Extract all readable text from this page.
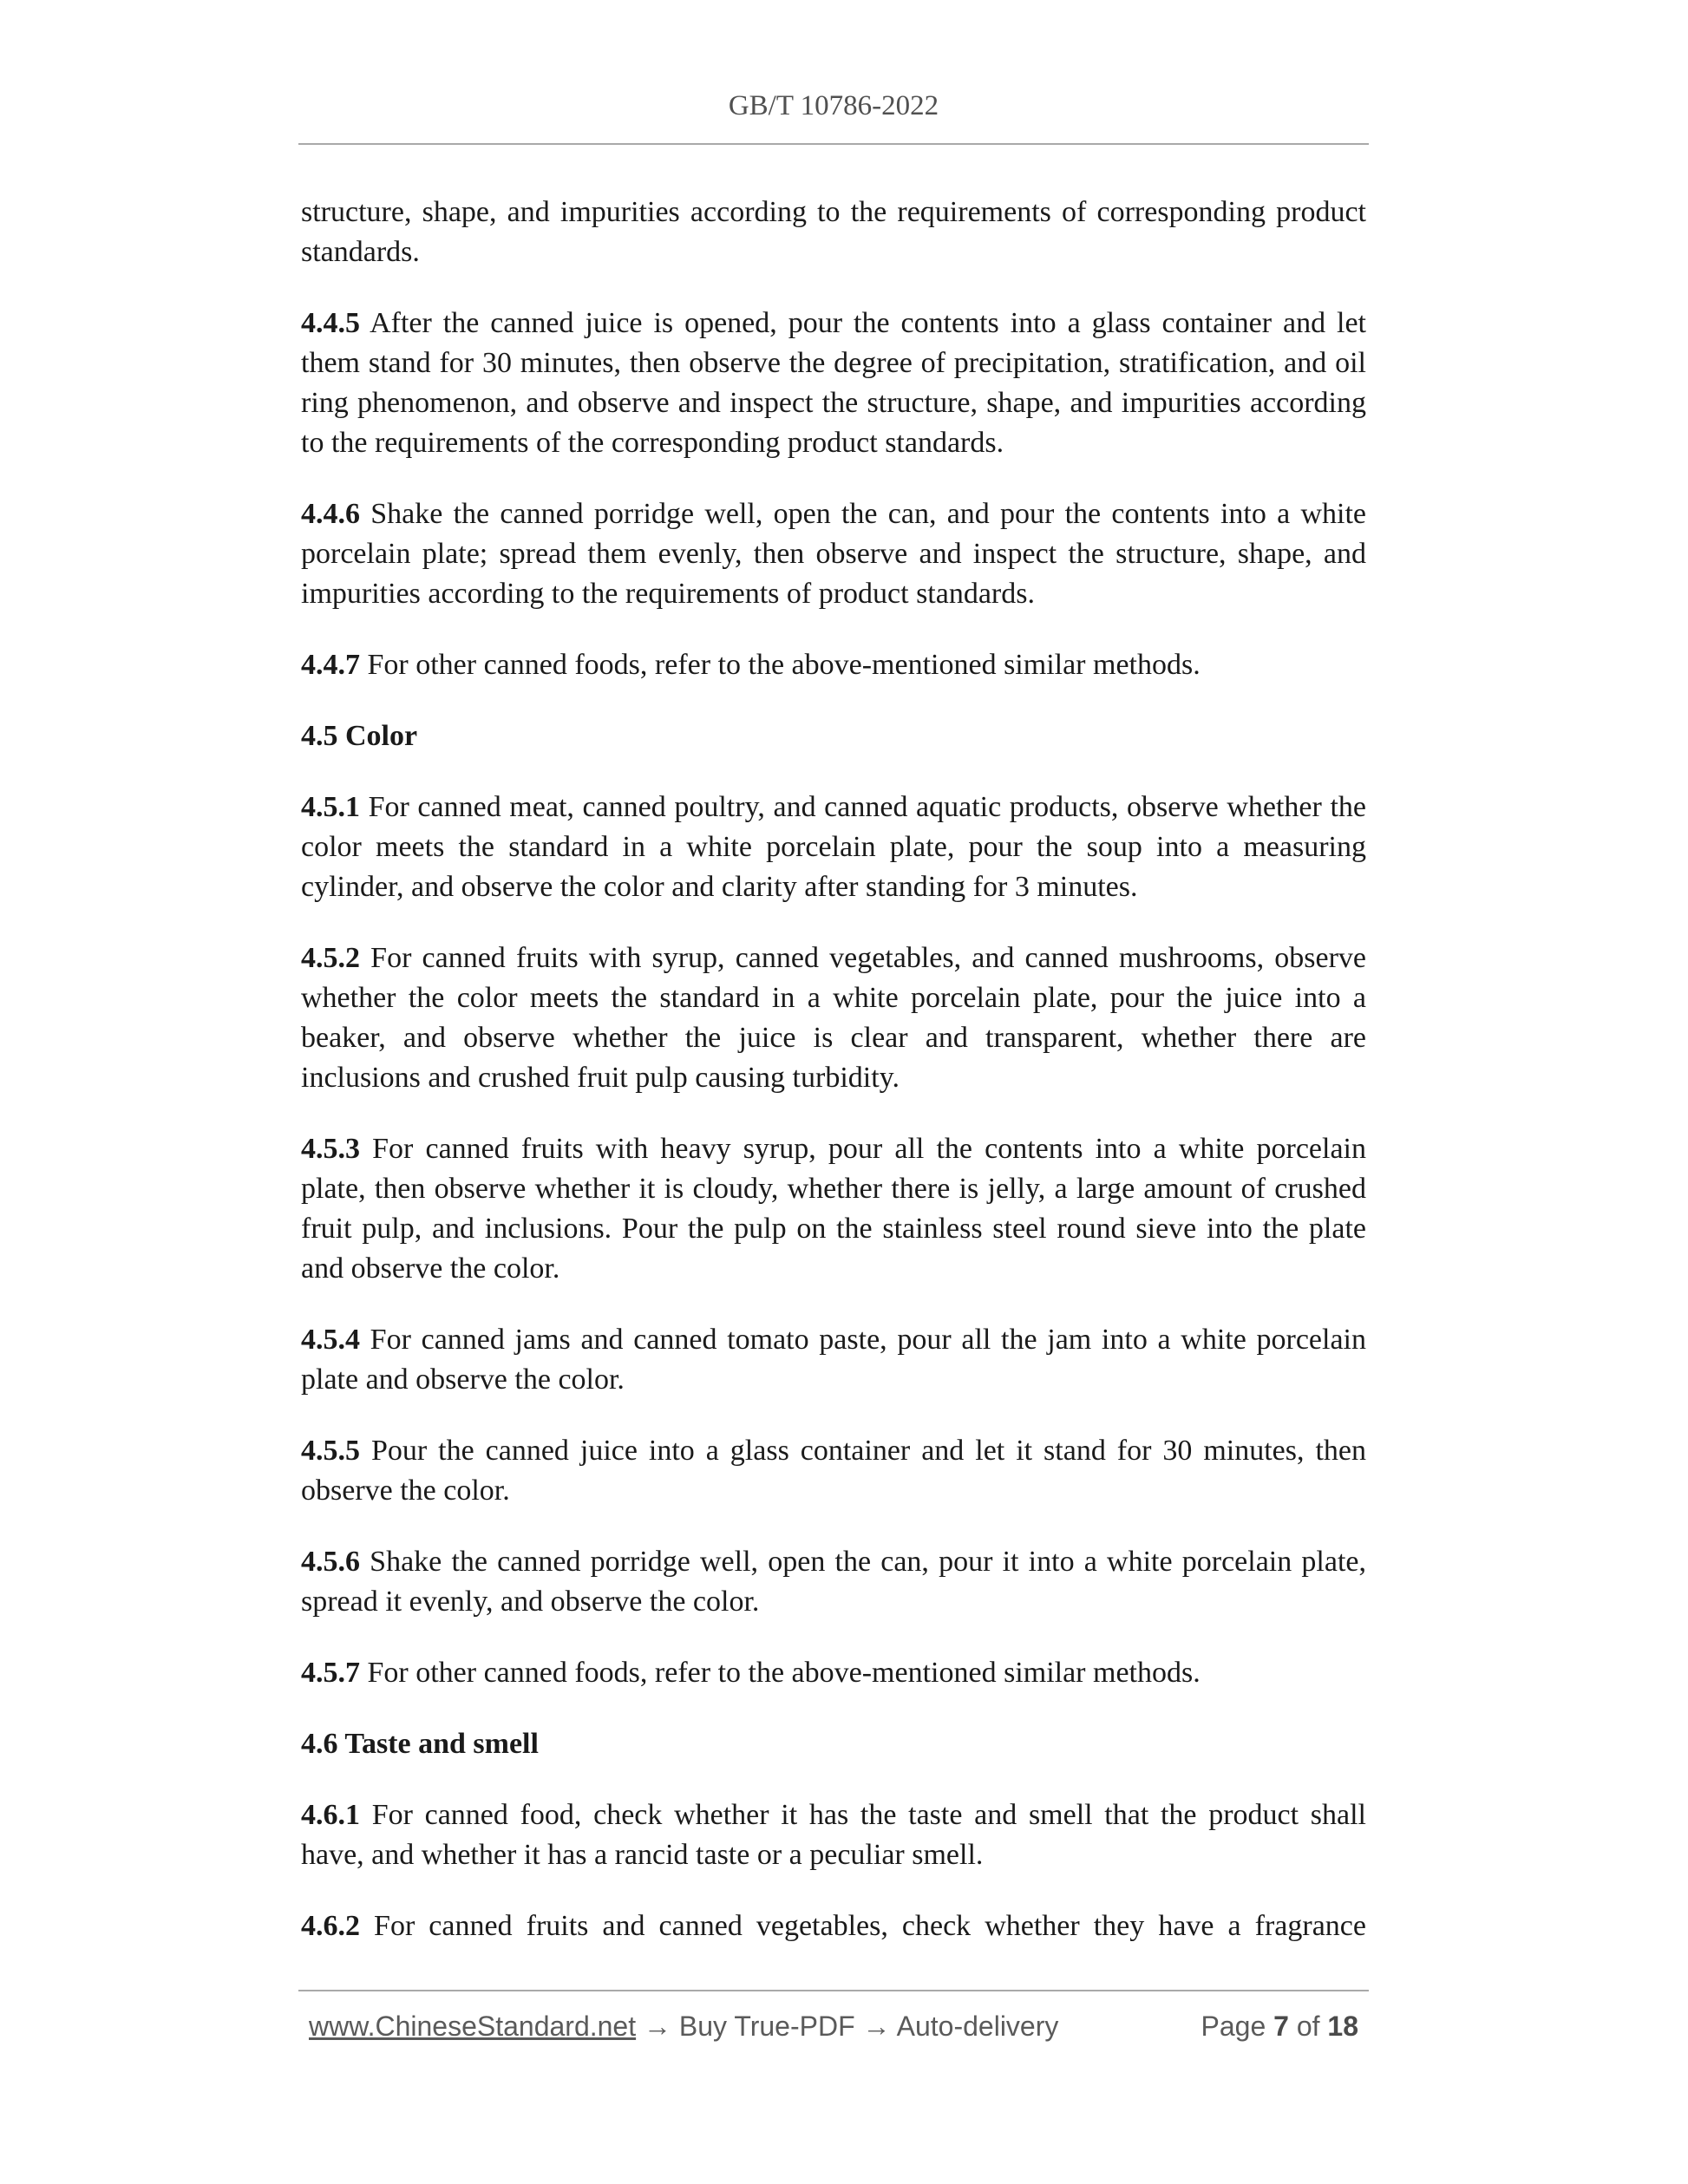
GB/T 10786-2022

structure, shape, and impurities according to the requirements of corresponding product standards.

4.4.5 After the canned juice is opened, pour the contents into a glass container and let them stand for 30 minutes, then observe the degree of precipitation, stratification, and oil ring phenomenon, and observe and inspect the structure, shape, and impurities according to the requirements of the corresponding product standards.

4.4.6 Shake the canned porridge well, open the can, and pour the contents into a white porcelain plate; spread them evenly, then observe and inspect the structure, shape, and impurities according to the requirements of product standards.

4.4.7 For other canned foods, refer to the above-mentioned similar methods.

4.5 Color

4.5.1 For canned meat, canned poultry, and canned aquatic products, observe whether the color meets the standard in a white porcelain plate, pour the soup into a measuring cylinder, and observe the color and clarity after standing for 3 minutes.

4.5.2 For canned fruits with syrup, canned vegetables, and canned mushrooms, observe whether the color meets the standard in a white porcelain plate, pour the juice into a beaker, and observe whether the juice is clear and transparent, whether there are inclusions and crushed fruit pulp causing turbidity.

4.5.3 For canned fruits with heavy syrup, pour all the contents into a white porcelain plate, then observe whether it is cloudy, whether there is jelly, a large amount of crushed fruit pulp, and inclusions. Pour the pulp on the stainless steel round sieve into the plate and observe the color.

4.5.4 For canned jams and canned tomato paste, pour all the jam into a white porcelain plate and observe the color.

4.5.5 Pour the canned juice into a glass container and let it stand for 30 minutes, then observe the color.

4.5.6 Shake the canned porridge well, open the can, pour it into a white porcelain plate, spread it evenly, and observe the color.

4.5.7 For other canned foods, refer to the above-mentioned similar methods.

4.6 Taste and smell

4.6.1 For canned food, check whether it has the taste and smell that the product shall have, and whether it has a rancid taste or a peculiar smell.

4.6.2 For canned fruits and canned vegetables, check whether they have a fragrance

www.ChineseStandard.net → Buy True-PDF → Auto-delivery	Page 7 of 18
